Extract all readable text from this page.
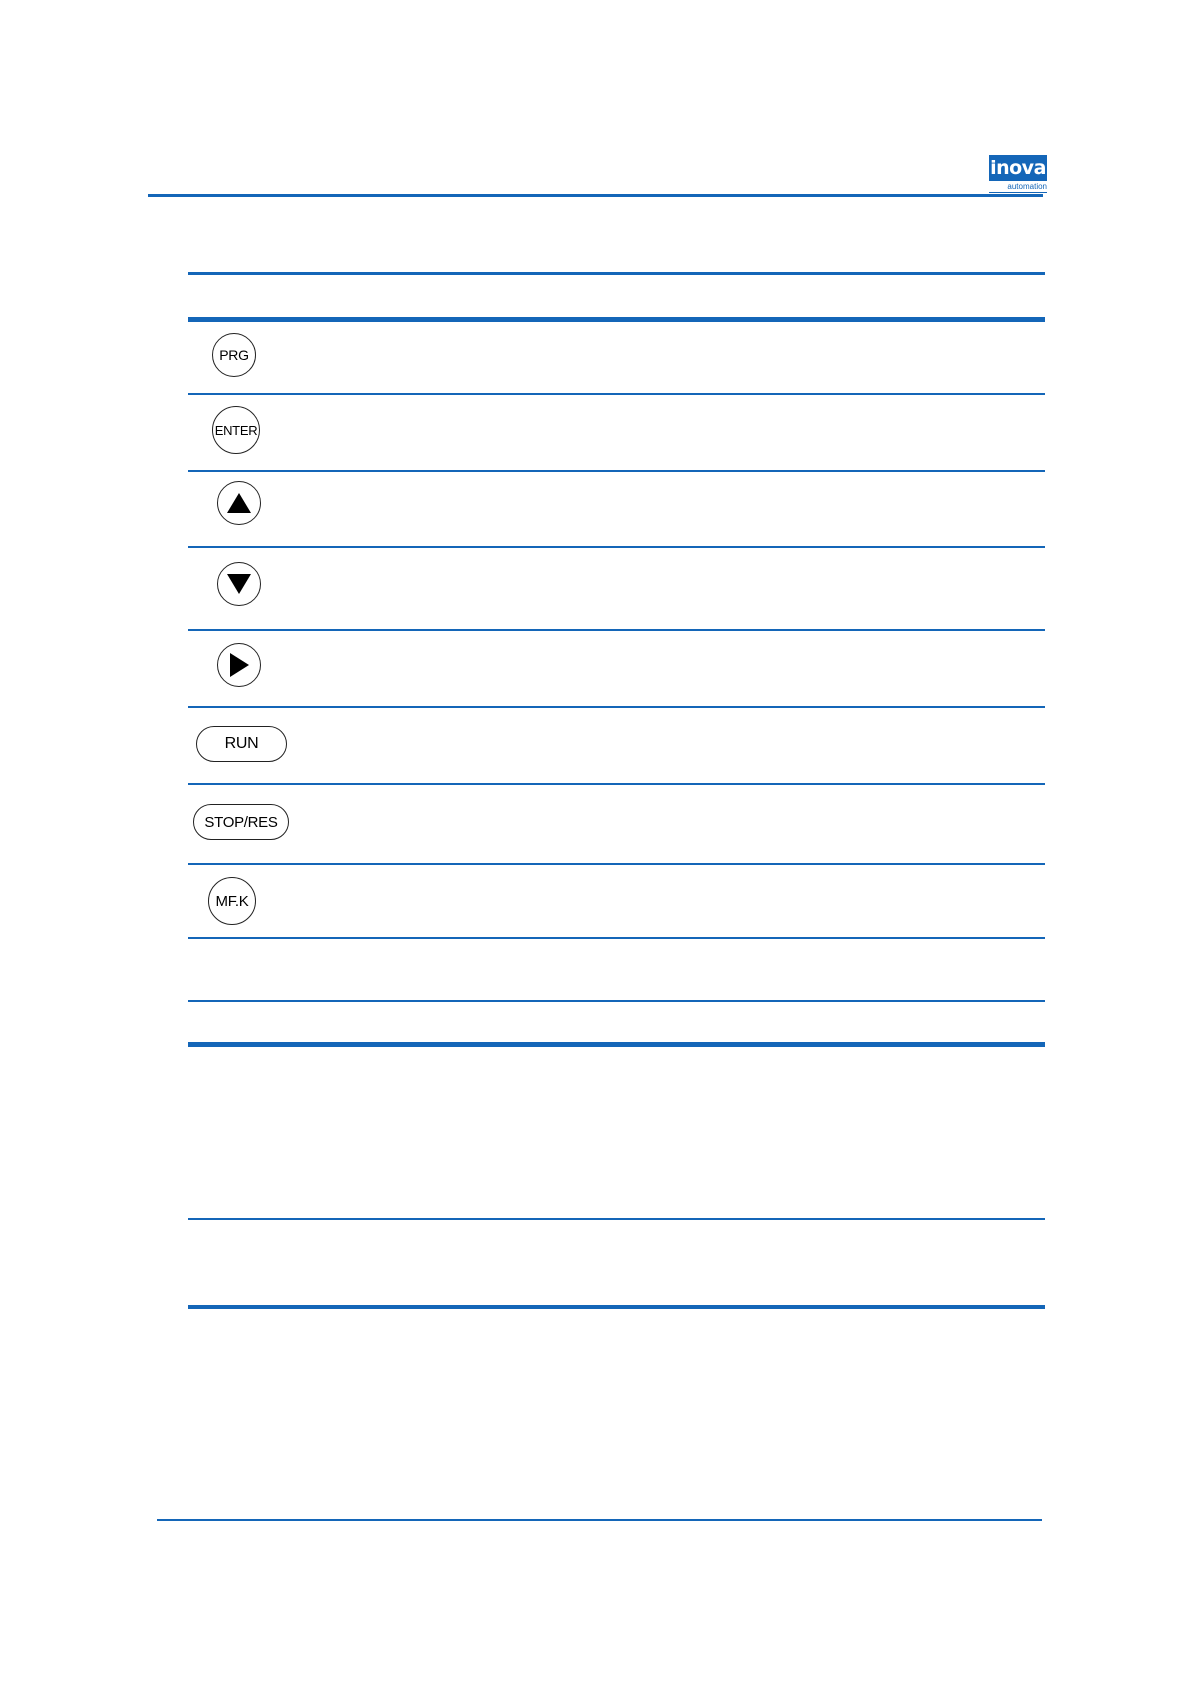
inova
automation
PRG
ENTER
RUN
STOP/RES
MF.K
